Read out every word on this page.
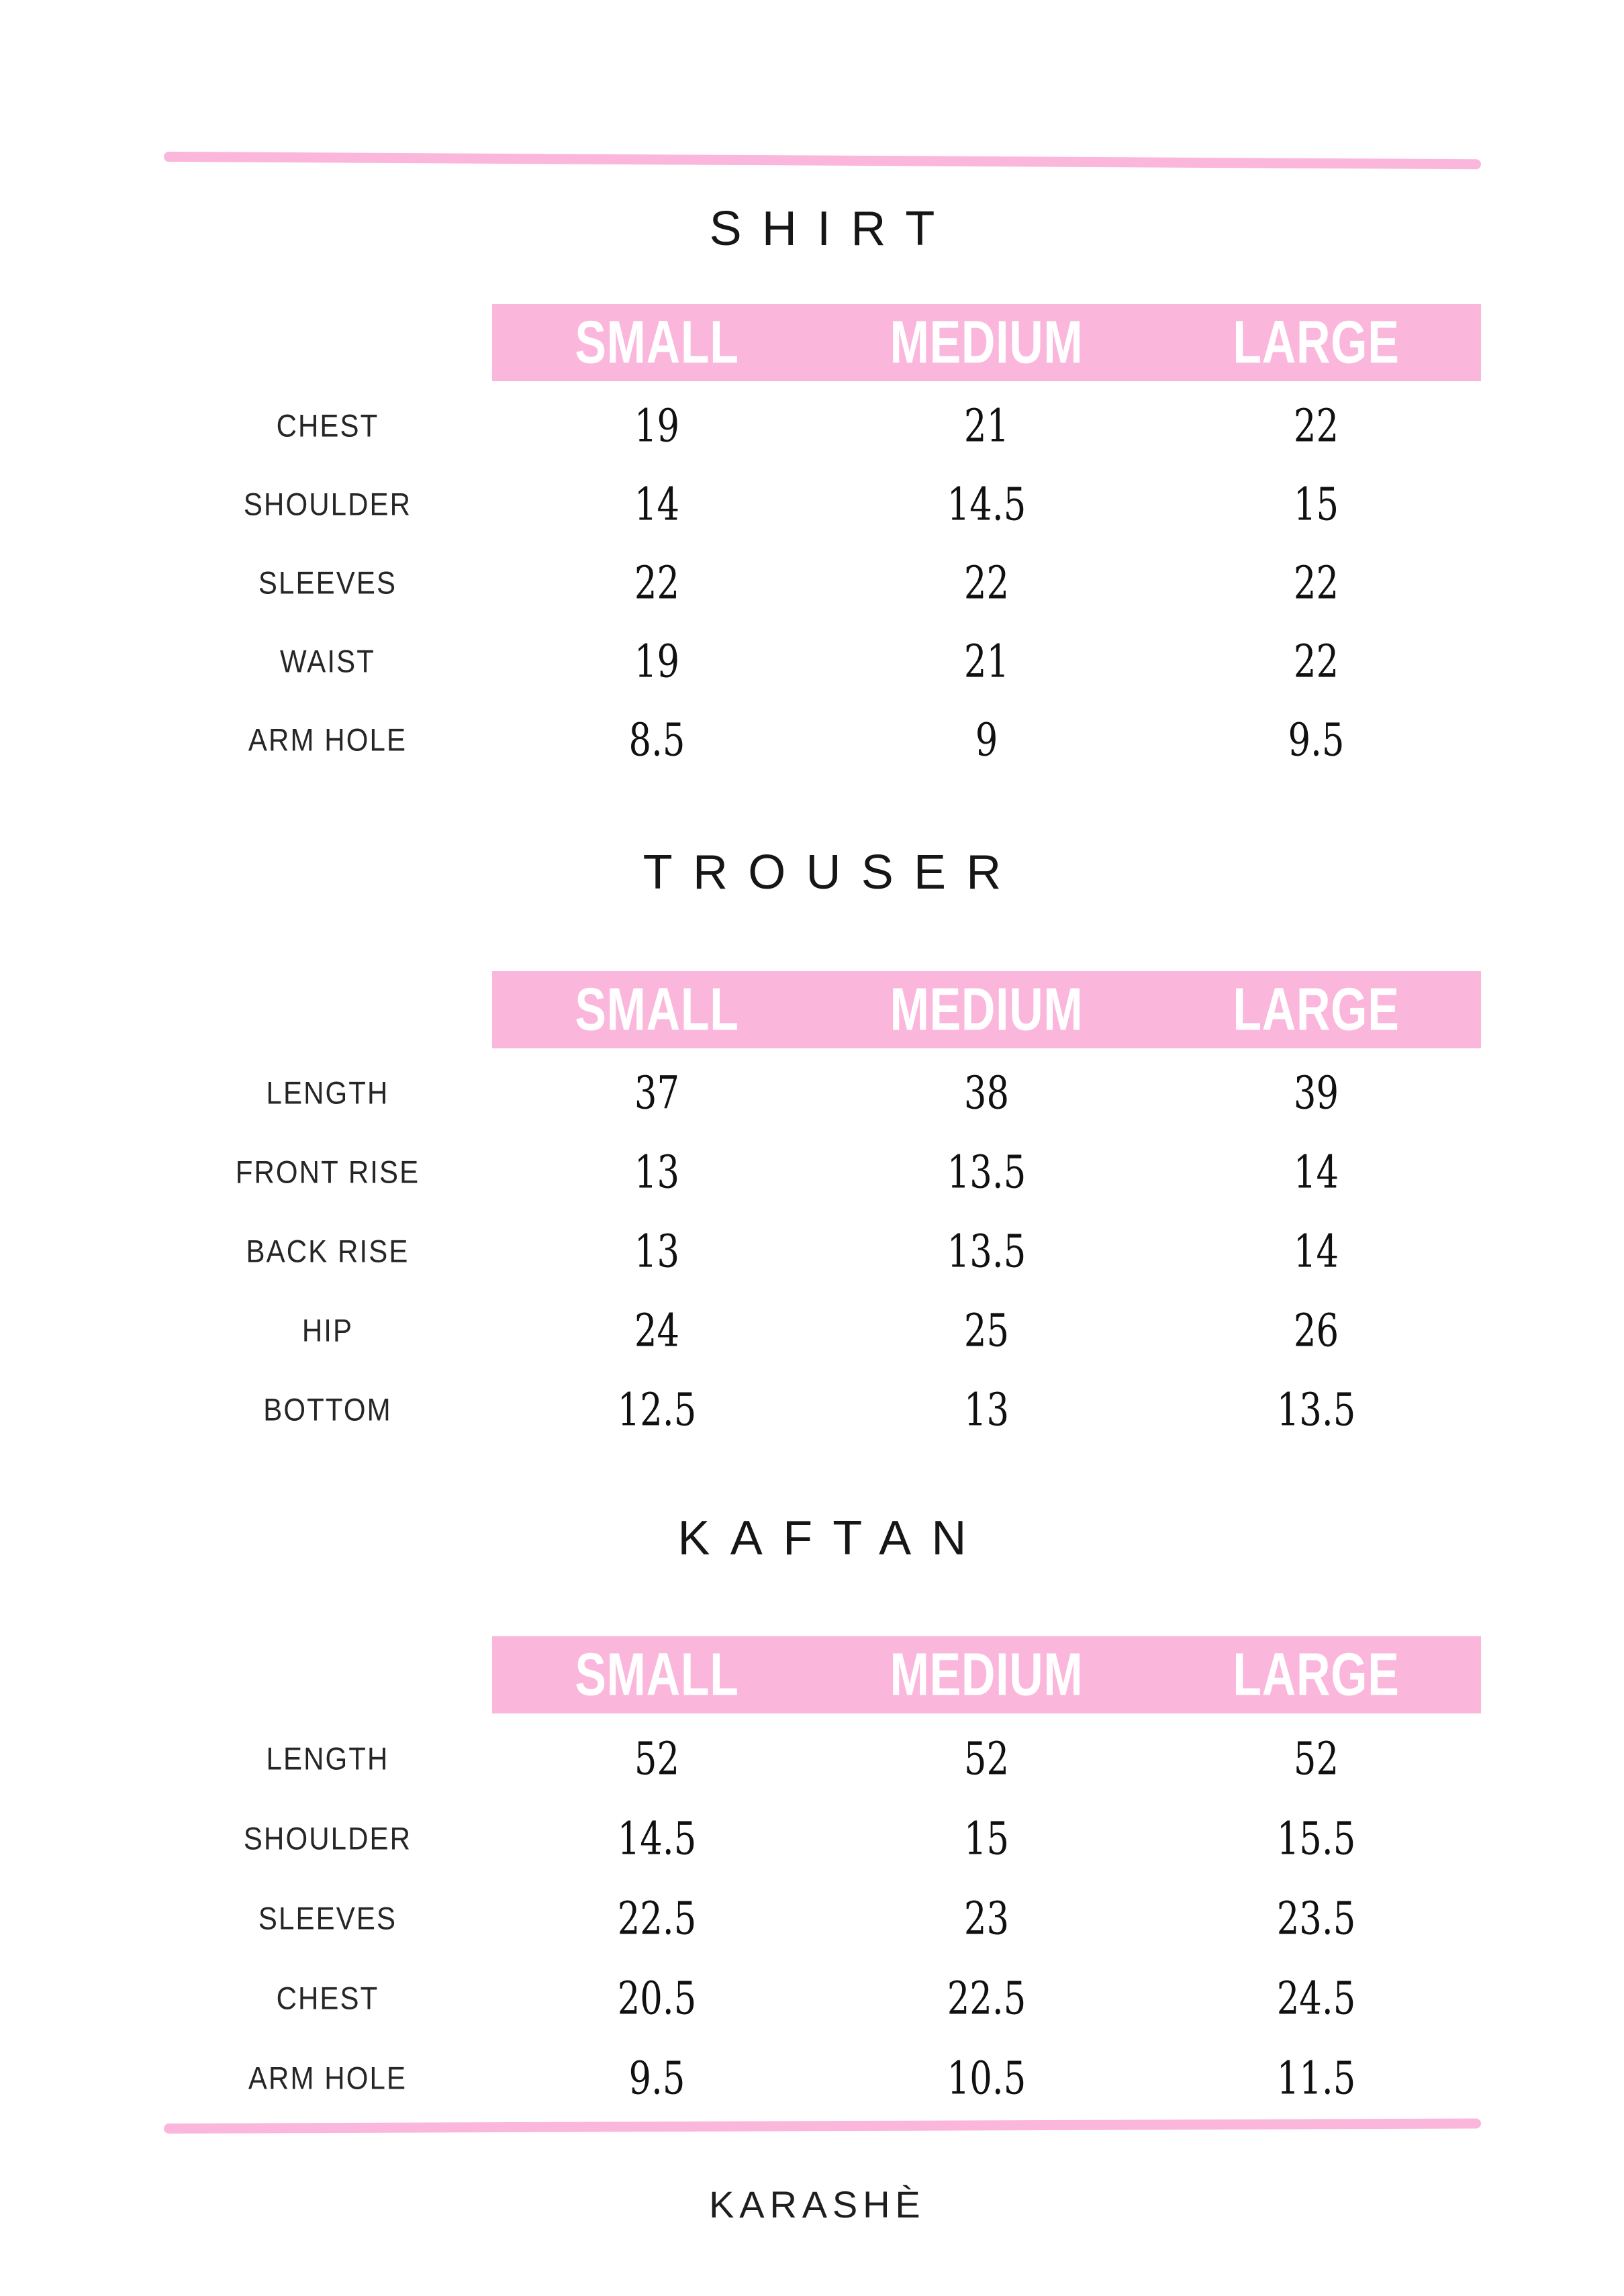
SHIRT
SMALL	MEDIUM	LARGE
CHEST	19	21	22
SHOULDER	14	14.5	15
SLEEVES	22	22	22
WAIST	19	21	22
ARM HOLE	8.5	9	9.5
TROUSER
SMALL	MEDIUM	LARGE
LENGTH	37	38	39
FRONT RISE	13	13.5	14
BACK RISE	13	13.5	14
HIP	24	25	26
BOTTOM	12.5	13	13.5
KAFTAN
SMALL	MEDIUM	LARGE
LENGTH	52	52	52
SHOULDER	14.5	15	15.5
SLEEVES	22.5	23	23.5
CHEST	20.5	22.5	24.5
ARM HOLE	9.5	10.5	11.5
KARASHÈ
